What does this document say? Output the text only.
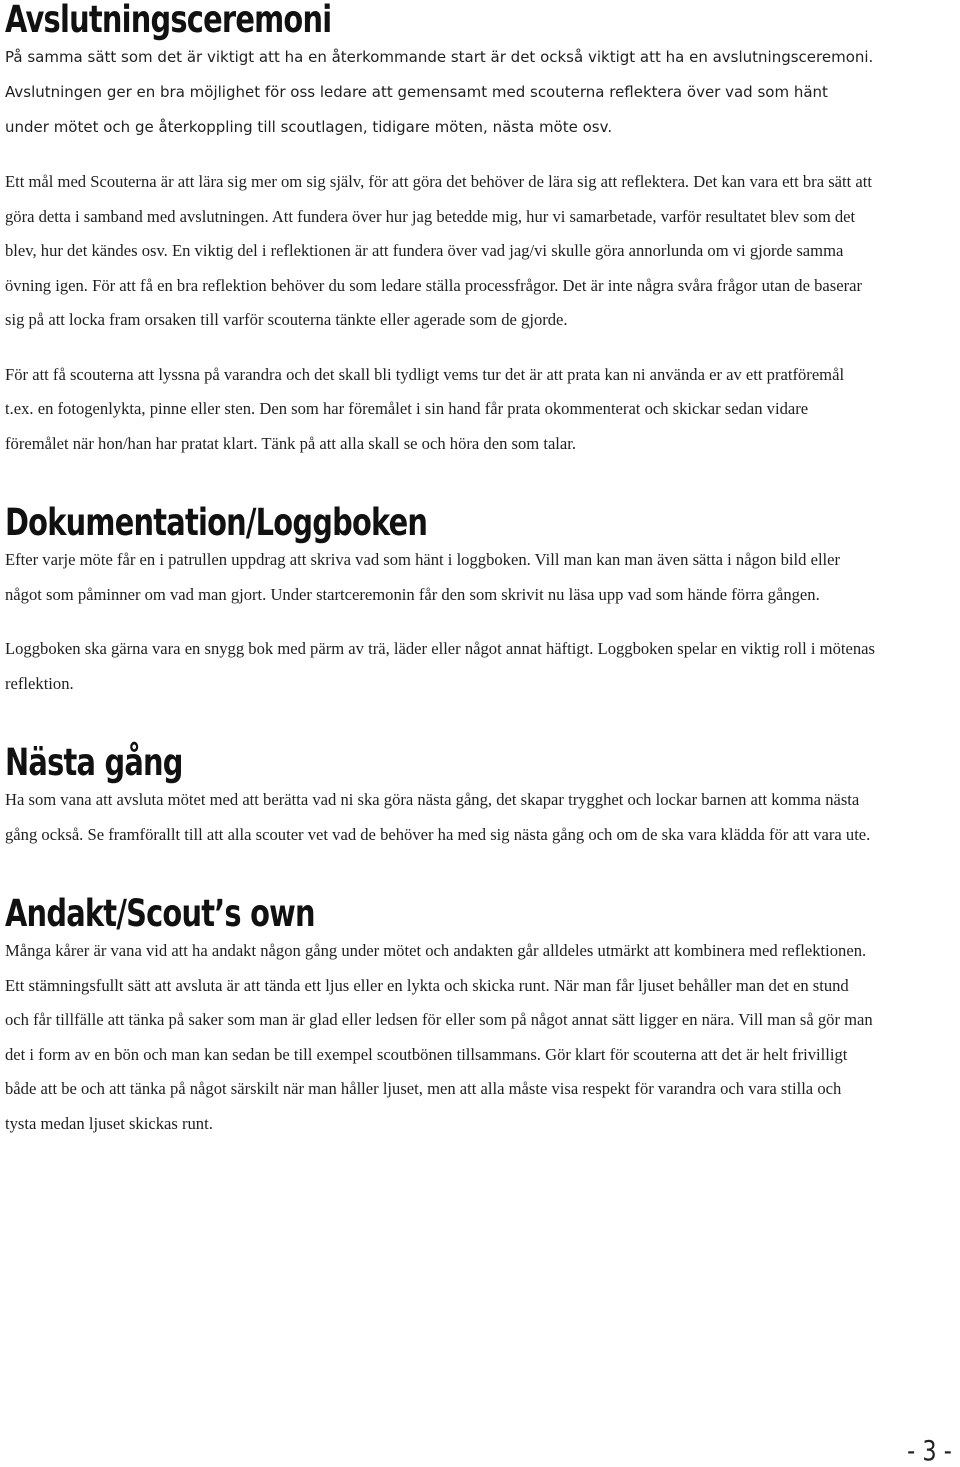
Avslutningsceremoni

På samma sätt som det är viktigt att ha en återkommande start är det också viktigt att ha en avslutningsceremoni. Avslutningen ger en bra möjlighet för oss ledare att gemensamt med scouterna reflektera över vad som hänt under mötet och ge återkoppling till scoutlagen, tidigare möten, nästa möte osv.

Ett mål med Scouterna är att lära sig mer om sig själv, för att göra det behöver de lära sig att reflektera. Det kan vara ett bra sätt att göra detta i samband med avslutningen. Att fundera över hur jag betedde mig, hur vi samarbetade, varför resultatet blev som det blev, hur det kändes osv. En viktig del i reflektionen är att fundera över vad jag/vi skulle göra annorlunda om vi gjorde samma övning igen. För att få en bra reflektion behöver du som ledare ställa processfrågor. Det är inte några svåra frågor utan de baserar sig på att locka fram orsaken till varför scouterna tänkte eller agerade som de gjorde.

För att få scouterna att lyssna på varandra och det skall bli tydligt vems tur det är att prata kan ni använda er av ett pratföremål t.ex. en fotogenlykta, pinne eller sten. Den som har föremålet i sin hand får prata okommenterat och skickar sedan vidare föremålet när hon/han har pratat klart. Tänk på att alla skall se och höra den som talar.

Dokumentation/Loggboken

Efter varje möte får en i patrullen uppdrag att skriva vad som hänt i loggboken. Vill man kan man även sätta i någon bild eller något som påminner om vad man gjort. Under startceremonin får den som skrivit nu läsa upp vad som hände förra gången.

Loggboken ska gärna vara en snygg bok med pärm av trä, läder eller något annat häftigt. Loggboken spelar en viktig roll i mötenas reflektion.

Nästa gång

Ha som vana att avsluta mötet med att berätta vad ni ska göra nästa gång, det skapar trygghet och lockar barnen att komma nästa gång också. Se framförallt till att alla scouter vet vad de behöver ha med sig nästa gång och om de ska vara klädda för att vara ute.

Andakt/Scout’s own

Många kårer är vana vid att ha andakt någon gång under mötet och andakten går alldeles utmärkt att kombinera med reflektionen. Ett stämningsfullt sätt att avsluta är att tända ett ljus eller en lykta och skicka runt. När man får ljuset behåller man det en stund och får tillfälle att tänka på saker som man är glad eller ledsen för eller som på något annat sätt ligger en nära. Vill man så gör man det i form av en bön och man kan sedan be till exempel scoutbönen tillsammans. Gör klart för scouterna att det är helt frivilligt både att be och att tänka på något särskilt när man håller ljuset, men att alla måste visa respekt för varandra och vara stilla och tysta medan ljuset skickas runt.

- 3 -
